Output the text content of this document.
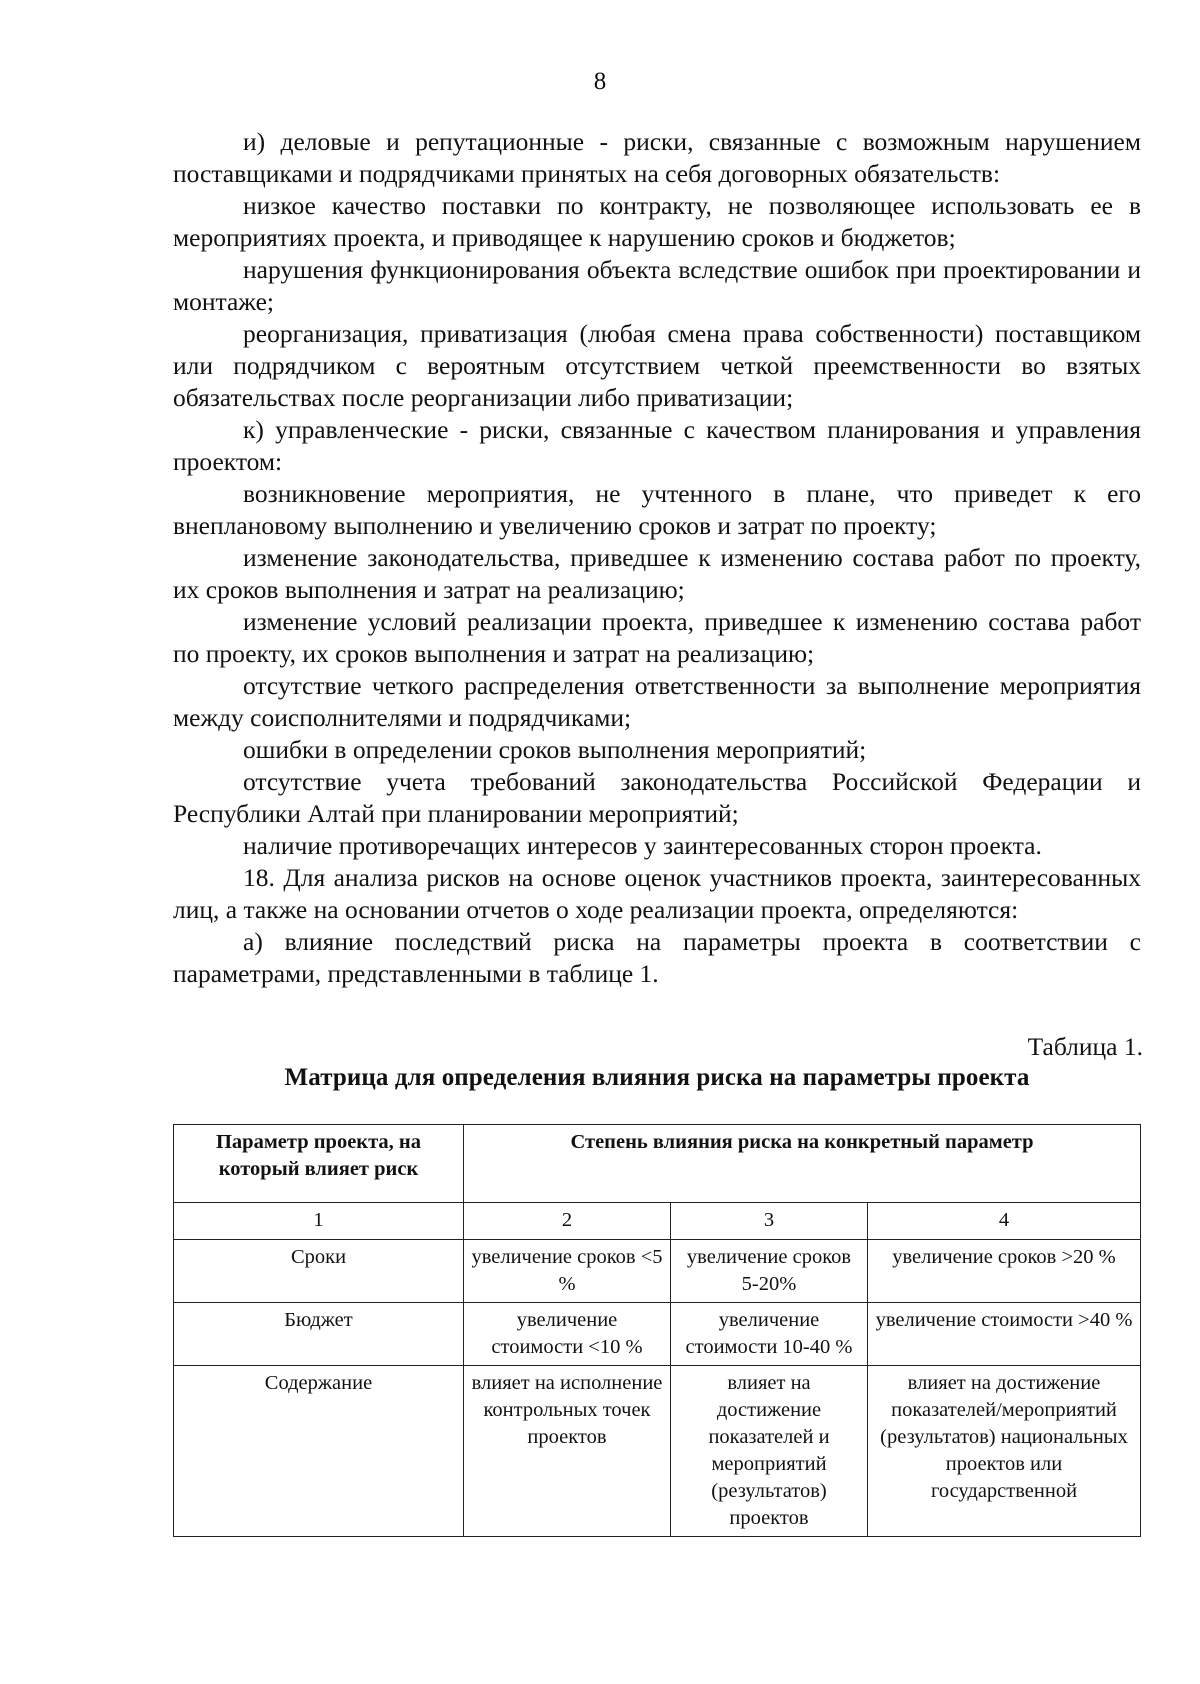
8

и) деловые и репутационные - риски, связанные с возможным нарушением поставщиками и подрядчиками принятых на себя договорных обязательств:

низкое качество поставки по контракту, не позволяющее использовать ее в мероприятиях проекта, и приводящее к нарушению сроков и бюджетов;

нарушения функционирования объекта вследствие ошибок при проектировании и монтаже;

реорганизация, приватизация (любая смена права собственности) поставщиком или подрядчиком с вероятным отсутствием четкой преемственности во взятых обязательствах после реорганизации либо приватизации;

к) управленческие - риски, связанные с качеством планирования и управления проектом:

возникновение мероприятия, не учтенного в плане, что приведет к его внеплановому выполнению и увеличению сроков и затрат по проекту;

изменение законодательства, приведшее к изменению состава работ по проекту, их сроков выполнения и затрат на реализацию;

изменение условий реализации проекта, приведшее к изменению состава работ по проекту, их сроков выполнения и затрат на реализацию;

отсутствие четкого распределения ответственности за выполнение мероприятия между соисполнителями и подрядчиками;

ошибки в определении сроков выполнения мероприятий;

отсутствие учета требований законодательства Российской Федерации и Республики Алтай при планировании мероприятий;

наличие противоречащих интересов у заинтересованных сторон проекта.

18. Для анализа рисков на основе оценок участников проекта, заинтересованных лиц, а также на основании отчетов о ходе реализации проекта, определяются:

а) влияние последствий риска на параметры проекта в соответствии с параметрами, представленными в таблице 1.

Таблица 1.
Матрица для определения влияния риска на параметры проекта
Параметр проекта, на который влияет риск	Степень влияния риска на конкретный параметр		
1	2	3	4
Сроки	увеличение сроков <5 %	увеличение сроков 5-20%	увеличение сроков >20 %
Бюджет	увеличение стоимости <10 %	увеличение стоимости 10-40 %	увеличение стоимости >40 %
Содержание	влияет на исполнение контрольных точек проектов	влияет на достижение показателей и мероприятий (результатов) проектов	влияет на достижение показателей/мероприятий (результатов) национальных проектов или государственной
